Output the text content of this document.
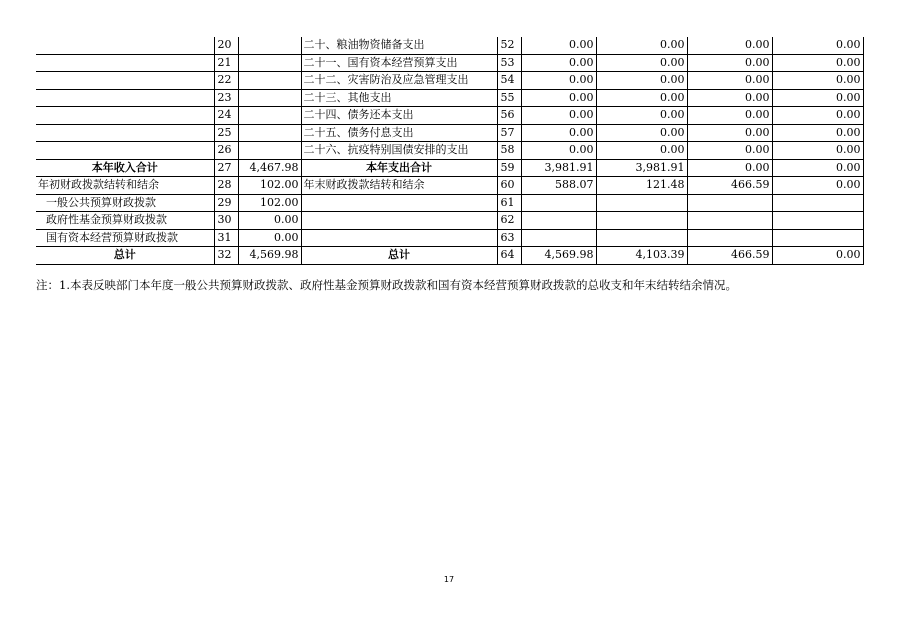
	20		二十、粮油物资储备支出	52	0.00	0.00	0.00	0.00
	21		二十一、国有资本经营预算支出	53	0.00	0.00	0.00	0.00
	22		二十二、灾害防治及应急管理支出	54	0.00	0.00	0.00	0.00
	23		二十三、其他支出	55	0.00	0.00	0.00	0.00
	24		二十四、债务还本支出	56	0.00	0.00	0.00	0.00
	25		二十五、债务付息支出	57	0.00	0.00	0.00	0.00
	26		二十六、抗疫特别国债安排的支出	58	0.00	0.00	0.00	0.00
本年收入合计	27	4,467.98	本年支出合计	59	3,981.91	3,981.91	0.00	0.00
年初财政拨款结转和结余	28	102.00	年末财政拨款结转和结余	60	588.07	121.48	466.59	0.00
一般公共预算财政拨款	29	102.00		61				
政府性基金预算财政拨款	30	0.00		62				
国有资本经营预算财政拨款	31	0.00		63				
总计	32	4,569.98	总计	64	4,569.98	4,103.39	466.59	0.00
注：1.本表反映部门本年度一般公共预算财政拨款、政府性基金预算财政拨款和国有资本经营预算财政拨款的总收支和年末结转结余情况。
17
